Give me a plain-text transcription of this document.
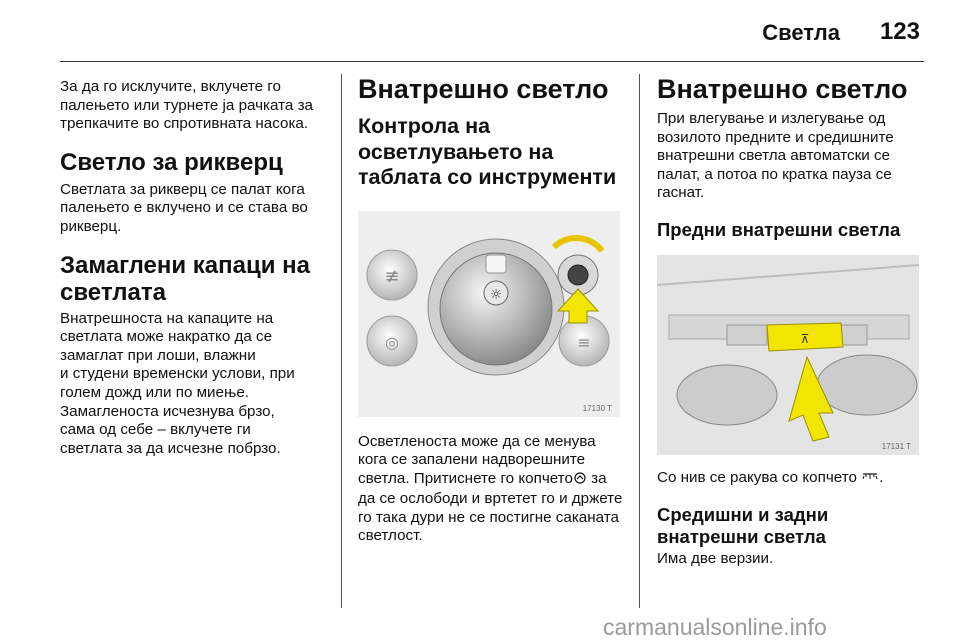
Светла 123

За да го исклучите, вклучете го палењето или турнете ја рачката за трепкачите во спротивната насока.

Светло за рикверц

Светлата за рикверц се палат кога палењето е вклучено и се става во рикверц.

Замаглени капаци на светлата

Внатрешноста на капаците на

светлата може накратко да се

замаглат при лоши, влажни

и студени временски услови, при

голем дожд или по миење.

Замагленоста исчезнува брзо,

сама од себе – вклучете ги

светлата за да исчезне побрзо.

Внатрешно светло
Контрола на осветлувањето на таблата со инструменти
≢
◎	≡
☼
17130 T

Осветленоста може да се менува кога се запалени надворешните светла. Притиснете го копчето за да се ослободи и вртетет го и држете го така дури не се постигне саканата светлост.

Внатрешно светло

При влегување и излегување од возилото предните и средишните внатрешни светла автоматски се палат, а потоа по кратка пауза се гаснат.

Предни внатрешни светла
⊼
17131 T

Со нив се ракува со копчето .

Средишни и задни внатрешни светла

Има две верзии.

carmanualsonline.info
